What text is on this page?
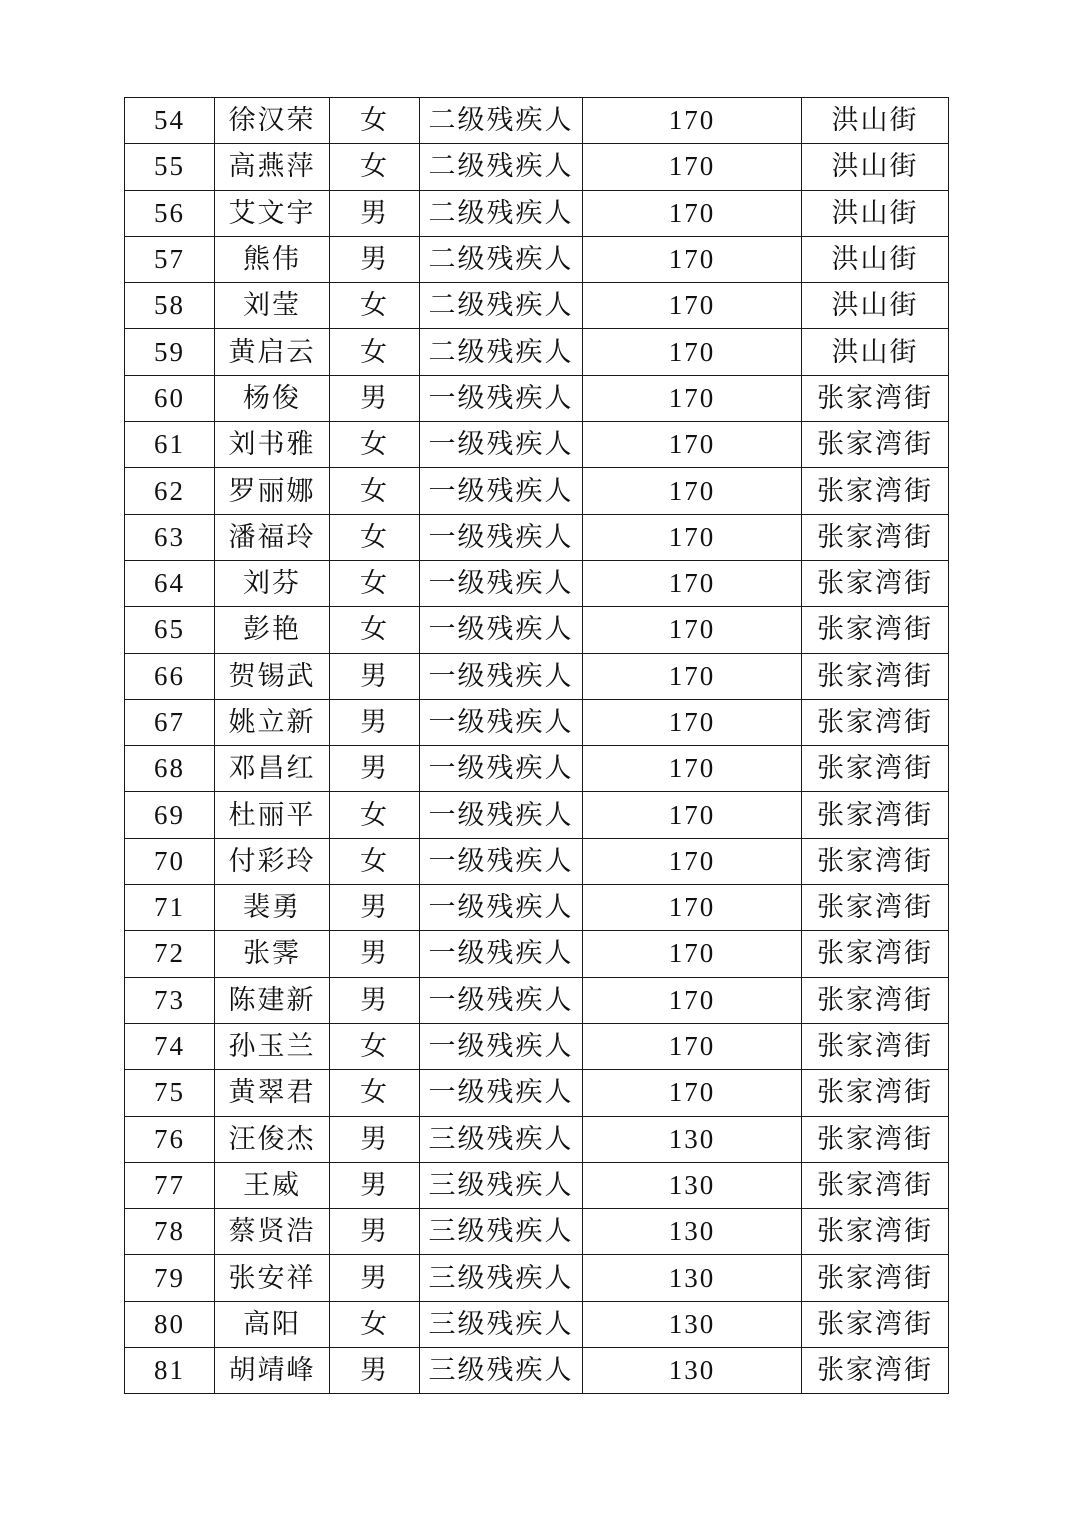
54	徐汉荣	女	二级残疾人	170	洪山街
55	高燕萍	女	二级残疾人	170	洪山街
56	艾文宇	男	二级残疾人	170	洪山街
57	熊伟	男	二级残疾人	170	洪山街
58	刘莹	女	二级残疾人	170	洪山街
59	黄启云	女	二级残疾人	170	洪山街
60	杨俊	男	一级残疾人	170	张家湾街
61	刘书雅	女	一级残疾人	170	张家湾街
62	罗丽娜	女	一级残疾人	170	张家湾街
63	潘福玲	女	一级残疾人	170	张家湾街
64	刘芬	女	一级残疾人	170	张家湾街
65	彭艳	女	一级残疾人	170	张家湾街
66	贺锡武	男	一级残疾人	170	张家湾街
67	姚立新	男	一级残疾人	170	张家湾街
68	邓昌红	男	一级残疾人	170	张家湾街
69	杜丽平	女	一级残疾人	170	张家湾街
70	付彩玲	女	一级残疾人	170	张家湾街
71	裴勇	男	一级残疾人	170	张家湾街
72	张霁	男	一级残疾人	170	张家湾街
73	陈建新	男	一级残疾人	170	张家湾街
74	孙玉兰	女	一级残疾人	170	张家湾街
75	黄翠君	女	一级残疾人	170	张家湾街
76	汪俊杰	男	三级残疾人	130	张家湾街
77	王威	男	三级残疾人	130	张家湾街
78	蔡贤浩	男	三级残疾人	130	张家湾街
79	张安祥	男	三级残疾人	130	张家湾街
80	高阳	女	三级残疾人	130	张家湾街
81	胡靖峰	男	三级残疾人	130	张家湾街
